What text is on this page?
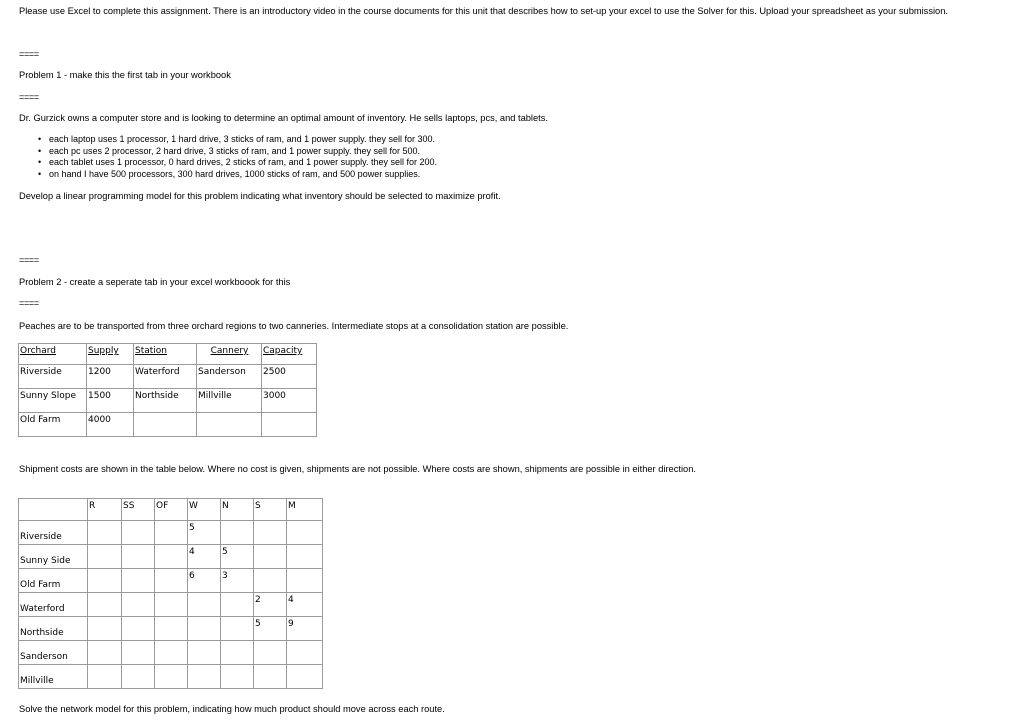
Please use Excel to complete this assignment. There is an introductory video in the course documents for this unit that describes how to set-up your excel to use the Solver for this. Upload your spreadsheet as your submission.
====
Problem 1 - make this the first tab in your workbook
====
Dr. Gurzick owns a computer store and is looking to determine an optimal amount of inventory. He sells laptops, pcs, and tablets.
• each laptop uses 1 processor, 1 hard drive, 3 sticks of ram, and 1 power supply. they sell for 300.
• each pc uses 2 processor, 2 hard drive, 3 sticks of ram, and 1 power supply. they sell for 500.
• each tablet uses 1 processor, 0 hard drives, 2 sticks of ram, and 1 power supply. they sell for 200.
• on hand I have 500 processors, 300 hard drives, 1000 sticks of ram, and 500 power supplies.
Develop a linear programming model for this problem indicating what inventory should be selected to maximize profit.
====
Problem 2 - create a seperate tab in your excel workboook for this
====
Peaches are to be transported from three orchard regions to two canneries. Intermediate stops at a consolidation station are possible.
Orchard	Supply	Station	Cannery	Capacity
Riverside	1200	Waterford	Sanderson	2500
Sunny Slope	1500	Northside	Millville	3000
Old Farm	4000			
Shipment costs are shown in the table below. Where no cost is given, shipments are not possible. Where costs are shown, shipments are possible in either direction.
	R	SS	OF	W	N	S	M
Riverside				5			
Sunny Side				4	5		
Old Farm				6	3		
Waterford						2	4
Northside						5	9
Sanderson							
Millville							
Solve the network model for this problem, indicating how much product should move across each route.
